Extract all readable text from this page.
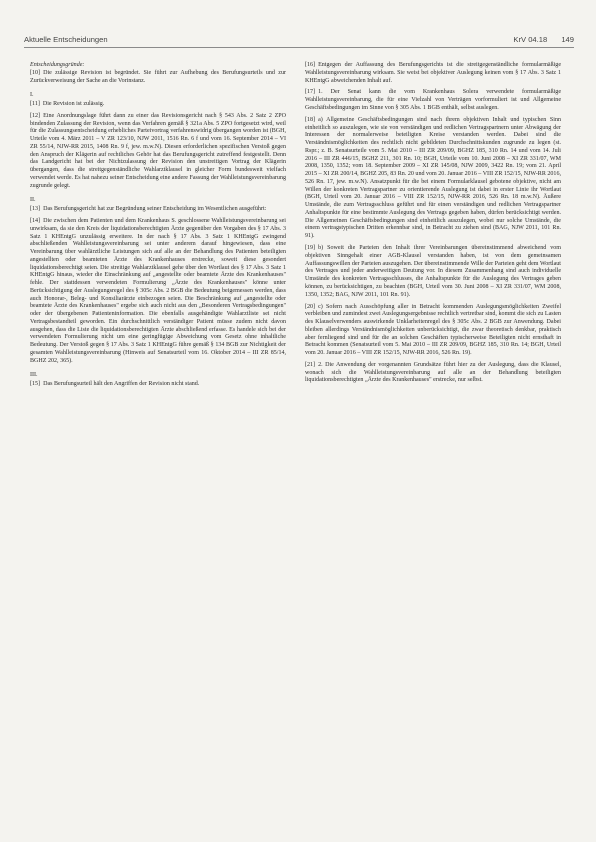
Aktuelle Entscheidungen	KrV 04.18 149

Entscheidungsgründe:

[10] Die zulässige Revision ist begründet. Sie führt zur Aufhebung des Berufungsurteils und zur Zurückverweisung der Sache an die Vorinstanz.

I.

[11] Die Revision ist zulässig.

[12] Eine Anordnungslage führt dann zu einer das Revisionsgericht nach § 543 Abs. 2 Satz 2 ZPO bindenden Zulassung der Revision, wenn das Verfahren gemäß § 321a Abs. 5 ZPO fortgesetzt wird, weil für die Zulassungsentscheidung erhebliches Parteivortrag verfahrenswidrig übergangen worden ist (BGH, Urteile vom 4. März 2011 – V ZR 123/10, NJW 2011, 1516 Rn. 6 f und vom 16. September 2014 – VI ZR 55/14, NJW-RR 2015, 1408 Rn. 9 f, jew. m.w.N). Diesen erforderlichen spezifischen Verstoß gegen den Anspruch der Klägerin auf rechtliches Gehör hat das Berufungsgericht zutreffend festgestellt. Denn das Landgericht hat bei der Nichtzulassung der Revision den unstreitigen Vortrag der Klägerin übergangen, dass die streitgegenständliche Wahlarztklausel in gleicher Form bundesweit vielfach verwendet werde. Es hat nahezu seiner Entscheidung eine andere Fassung der Wahlleistungsvereinbarung zugrunde gelegt.

II.

[13] Das Berufungsgericht hat zur Begründung seiner Entscheidung im Wesentlichen ausgeführt:

[14] Die zwischen dem Patienten und dem Krankenhaus S. geschlossene Wahlleistungsvereinbarung sei unwirksam, da sie den Kreis der liquidationsberechtigten Ärzte gegenüber den Vorgaben des § 17 Abs. 3 Satz 1 KHEntgG unzulässig erweitere. In der nach § 17 Abs. 3 Satz 1 KHEntgG zwingend abschließenden Wahlleistungsvereinbarung sei unter anderem darauf hingewiesen, dass eine Vereinbarung über wahlärztliche Leistungen sich auf alle an der Behandlung des Patienten beteiligten angestellten oder beamteten Ärzte des Krankenhauses erstrecke, soweit diese gesondert liquidationsberechtigt seien. Die streitige Wahlarztklausel gehe über den Wortlaut des § 17 Abs. 3 Satz 1 KHEntgG hinaus, wieder die Einschränkung auf „angestellte oder beamtete Ärzte des Krankenhauses" fehle. Der stattdessen verwendeten Formulierung „Ärzte des Krankenhauses" könne unter Berücksichtigung der Auslegungsregel des § 305c Abs. 2 BGB die Bedeutung beigemessen werden, dass auch Honorar-, Beleg- und Konsiliarärzte einbezogen seien. Die Beschränkung auf „angestellte oder beamtete Ärzte des Krankenhauses" ergebe sich auch nicht aus den „Besonderen Vertragsbedingungen" oder der übergebenen Patienteninformation. Die ebenfalls ausgehändigte Wahlarztliste sei nicht Vertragsbestandteil geworden. Ein durchschnittlich verständiger Patient müsse zudem nicht davon ausgehen, dass die Liste die liquidationsberechtigten Ärzte abschließend erfasse. Es handele sich bei der verwendeten Formulierung nicht um eine geringfügige Abweichung vom Gesetz ohne inhaltliche Bedeutung. Der Verstoß gegen § 17 Abs. 3 Satz 1 KHEntgG führe gemäß § 134 BGB zur Nichtigkeit der gesamten Wahlleistungsvereinbarung (Hinweis auf Senatsurteil vom 16. Oktober 2014 – III ZR 85/14, BGHZ 202, 365).

III.

[15] Das Berufungsurteil hält den Angriffen der Revision nicht stand.

[16] Entgegen der Auffassung des Berufungsgerichts ist die streitgegenständliche formularmäßige Wahlleistungsvereinbarung wirksam. Sie weist bei objektiver Auslegung keinen vom § 17 Abs. 3 Satz 1 KHEntgG abweichenden Inhalt auf.

[17] 1. Der Senat kann die vom Krankenhaus Solera verwendete formularmäßige Wahlleistungsvereinbarung, die für eine Vielzahl von Verträgen vorformuliert ist und Allgemeine Geschäftsbedingungen im Sinne von § 305 Abs. 1 BGB enthält, selbst auslegen.

[18] a) Allgemeine Geschäftsbedingungen sind nach ihrem objektiven Inhalt und typischen Sinn einheitlich so auszulegen, wie sie von verständigen und redlichen Vertragspartnern unter Abwägung der Interessen der normalerweise beteiligten Kreise verstanden werden. Dabei sind die Verständnismöglichkeiten des rechtlich nicht gebildeten Durchschnittskunden zugrunde zu legen (st. Rspr.; z. B. Senatsurteile vom 5. Mai 2010 – III ZR 209/09, BGHZ 185, 310 Rn. 14 und vom 14. Juli 2016 – III ZR 446/15, BGHZ 211, 301 Rn. 10; BGH, Urteile vom 10. Juni 2008 – XI ZR 331/07, WM 2008, 1350, 1352; vom 18. September 2009 – XI ZR 145/08, NJW 2009, 3422 Rn. 19; vom 21. April 2015 – XI ZR 200/14, BGHZ 205, 83 Rn. 20 und vom 20. Januar 2016 – VIII ZR 152/15, NJW-RR 2016, 526 Rn. 17, jew. m.w.N). Ansatzpunkt für die bei einem Formularklausel gebotene objektive, nicht am Willen der konkreten Vertragspartner zu orientierende Auslegung ist dabei in erster Linie ihr Wortlaut (BGH, Urteil vom 20. Januar 2016 – VIII ZR 152/15, NJW-RR 2016, 526 Rn. 18 m.w.N). Äußere Umstände, die zum Vertragsschluss geführt und für einen verständigen und redlichen Vertragspartner Anhaltspunkte für eine bestimmte Auslegung des Vertrags gegeben haben, dürfen berücksichtigt werden. Die Allgemeinen Geschäftsbedingungen sind einheitlich auszulegen, wobei nur solche Umstände, die einem vertragstypischen Dritten erkennbar sind, in Betracht zu ziehen sind (BAG, NJW 2011, 101 Rn. 91).

[19] b) Soweit die Parteien den Inhalt ihrer Vereinbarungen übereinstimmend abweichend vom objektiven Sinngehalt einer AGB-Klausel verstanden haben, ist von dem gemeinsamen Auffassungswillen der Parteien auszugehen. Der übereinstimmende Wille der Parteien geht dem Wortlaut des Vertrages und jeder anderweitigen Deutung vor. In diesem Zusammenhang sind auch individuelle Umstände des konkreten Vertragsschlusses, die Anhaltspunkte für die Auslegung des Vertrages geben können, zu berücksichtigen, zu beachten (BGH, Urteil vom 30. Juni 2008 – XI ZR 331/07, WM 2008, 1350, 1352; BAG, NJW 2011, 101 Rn. 91).

[20] c) Sofern nach Ausschöpfung aller in Betracht kommenden Auslegungsmöglichkeiten Zweifel verbleiben und zumindest zwei Auslegungsergebnisse rechtlich vertretbar sind, kommt die sich zu Lasten des Klauselverwenders auswirkende Unklarheitenregel des § 305c Abs. 2 BGB zur Anwendung. Dabei bleiben allerdings Verständnismöglichkeiten unberücksichtigt, die zwar theoretisch denkbar, praktisch aber fernliegend sind und für die an solchen Geschäften typischerweise Beteiligten nicht ernsthaft in Betracht kommen (Senatsurteil vom 5. Mai 2010 – III ZR 209/09, BGHZ 185, 310 Rn. 14; BGH, Urteil vom 20. Januar 2016 – VIII ZR 152/15, NJW-RR 2016, 526 Rn. 19).

[21] 2. Die Anwendung der vorgenannten Grundsätze führt hier zu der Auslegung, dass die Klausel, wonach sich die Wahlleistungsvereinbarung auf alle an der Behandlung beteiligten liquidationsberechtigten „Ärzte des Krankenhauses" erstrecke, nur selbst.
